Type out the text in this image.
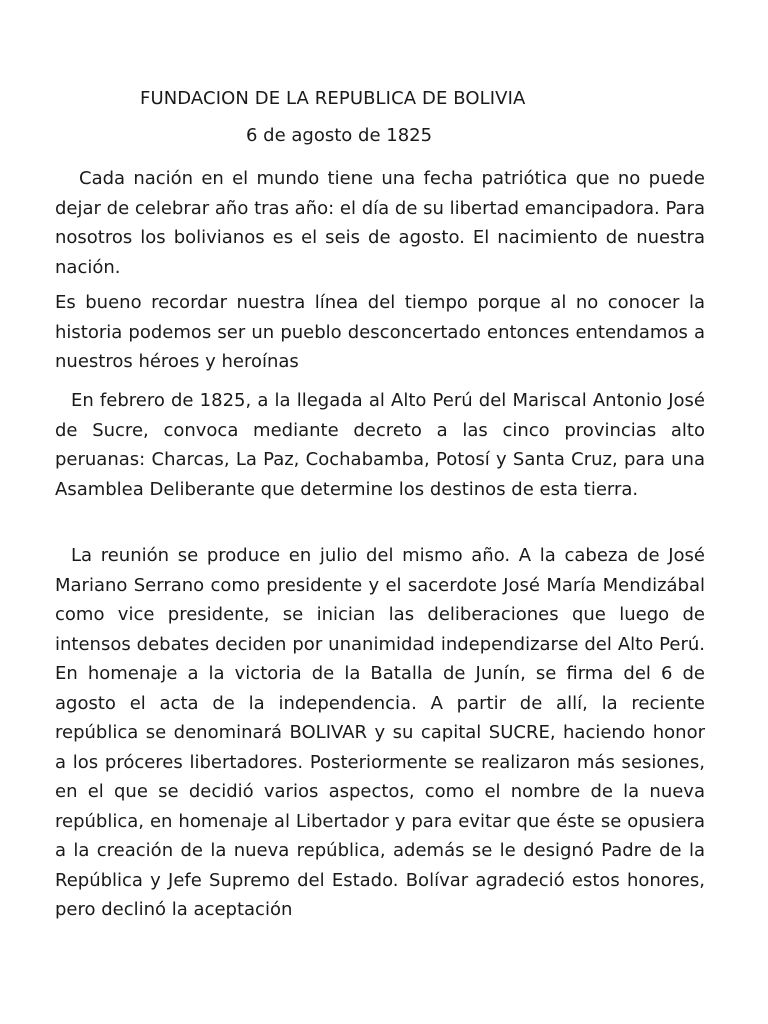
FUNDACION DE LA REPUBLICA DE BOLIVIA
6 de agosto de 1825

Cada nación en el mundo tiene una fecha patriótica que no puede dejar de celebrar año tras año: el día de su libertad emancipadora. Para nosotros los bolivianos es el seis de agosto. El nacimiento de nuestra nación.

Es bueno recordar nuestra línea del tiempo porque al no conocer la historia podemos ser un pueblo desconcertado entonces entendamos a nuestros héroes y heroínas

En febrero de 1825, a la llegada al Alto Perú del Mariscal Antonio José de Sucre, convoca mediante decreto a las cinco provincias alto peruanas: Charcas, La Paz, Cochabamba, Potosí y Santa Cruz, para una Asamblea Deliberante que determine los destinos de esta tierra.

La reunión se produce en julio del mismo año. A la cabeza de José Mariano Serrano como presidente y el sacerdote José María Mendizábal como vice presidente, se inician las deliberaciones que luego de intensos debates deciden por unanimidad independizarse del Alto Perú. En homenaje a la victoria de la Batalla de Junín, se firma del 6 de agosto el acta de la independencia. A partir de allí, la reciente república se denominará BOLIVAR y su capital SUCRE, haciendo honor a los próceres libertadores. Posteriormente se realizaron más sesiones, en el que se decidió varios aspectos, como el nombre de la nueva república, en homenaje al Libertador y para evitar que éste se opusiera a la creación de la nueva república, además se le designó Padre de la República y Jefe Supremo del Estado. Bolívar agradeció estos honores, pero declinó la aceptación
